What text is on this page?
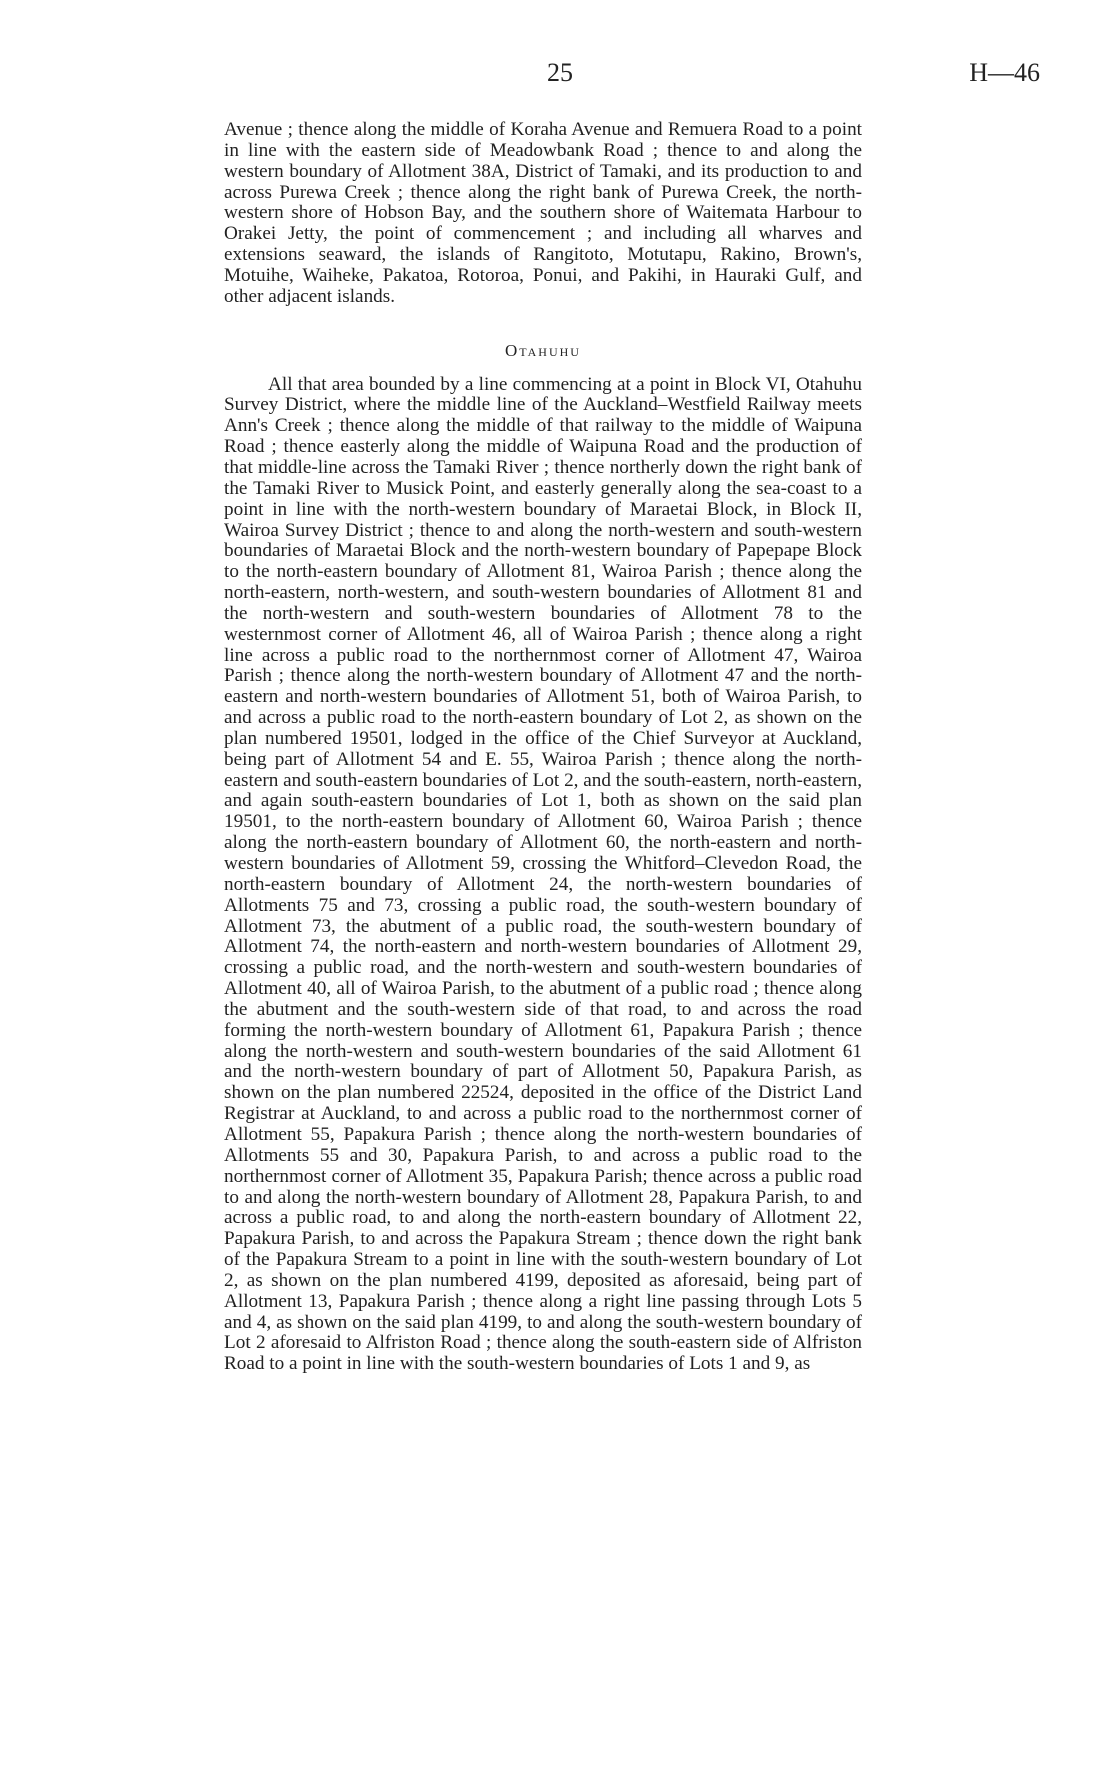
25	H—46

Avenue ; thence along the middle of Koraha Avenue and Remuera Road to a point in line with the eastern side of Meadowbank Road ; thence to and along the western boundary of Allotment 38A, District of Tamaki, and its production to and across Purewa Creek ; thence along the right bank of Purewa Creek, the north-western shore of Hobson Bay, and the southern shore of Waitemata Harbour to Orakei Jetty, the point of commencement ; and including all wharves and extensions seaward, the islands of Rangitoto, Motutapu, Rakino, Brown's, Motuihe, Waiheke, Pakatoa, Rotoroa, Ponui, and Pakihi, in Hauraki Gulf, and other adjacent islands.

Otahuhu

All that area bounded by a line commencing at a point in Block VI, Otahuhu Survey District, where the middle line of the Auckland–Westfield Railway meets Ann's Creek ; thence along the middle of that railway to the middle of Waipuna Road ; thence easterly along the middle of Waipuna Road and the production of that middle-line across the Tamaki River ; thence northerly down the right bank of the Tamaki River to Musick Point, and easterly generally along the sea-coast to a point in line with the north-western boundary of Maraetai Block, in Block II, Wairoa Survey District ; thence to and along the north-western and south-western boundaries of Maraetai Block and the north-western boundary of Papepape Block to the north-eastern boundary of Allotment 81, Wairoa Parish ; thence along the north-eastern, north-western, and south-western boundaries of Allotment 81 and the north-western and south-western boundaries of Allotment 78 to the westernmost corner of Allotment 46, all of Wairoa Parish ; thence along a right line across a public road to the northernmost corner of Allotment 47, Wairoa Parish ; thence along the north-western boundary of Allotment 47 and the north-eastern and north-western boundaries of Allotment 51, both of Wairoa Parish, to and across a public road to the north-eastern boundary of Lot 2, as shown on the plan numbered 19501, lodged in the office of the Chief Surveyor at Auckland, being part of Allotment 54 and E. 55, Wairoa Parish ; thence along the north-eastern and south-eastern boundaries of Lot 2, and the south-eastern, north-eastern, and again south-eastern boundaries of Lot 1, both as shown on the said plan 19501, to the north-eastern boundary of Allotment 60, Wairoa Parish ; thence along the north-eastern boundary of Allotment 60, the north-eastern and north-western boundaries of Allotment 59, crossing the Whitford–Clevedon Road, the north-eastern boundary of Allotment 24, the north-western boundaries of Allotments 75 and 73, crossing a public road, the south-western boundary of Allotment 73, the abutment of a public road, the south-western boundary of Allotment 74, the north-eastern and north-western boundaries of Allotment 29, crossing a public road, and the north-western and south-western boundaries of Allotment 40, all of Wairoa Parish, to the abutment of a public road ; thence along the abutment and the south-western side of that road, to and across the road forming the north-western boundary of Allotment 61, Papakura Parish ; thence along the north-western and south-western boundaries of the said Allotment 61 and the north-western boundary of part of Allotment 50, Papakura Parish, as shown on the plan numbered 22524, deposited in the office of the District Land Registrar at Auckland, to and across a public road to the northernmost corner of Allotment 55, Papakura Parish ; thence along the north-western boundaries of Allotments 55 and 30, Papakura Parish, to and across a public road to the northernmost corner of Allotment 35, Papakura Parish; thence across a public road to and along the north-western boundary of Allotment 28, Papakura Parish, to and across a public road, to and along the north-eastern boundary of Allotment 22, Papakura Parish, to and across the Papakura Stream ; thence down the right bank of the Papakura Stream to a point in line with the south-western boundary of Lot 2, as shown on the plan numbered 4199, deposited as aforesaid, being part of Allotment 13, Papakura Parish ; thence along a right line passing through Lots 5 and 4, as shown on the said plan 4199, to and along the south-western boundary of Lot 2 aforesaid to Alfriston Road ; thence along the south-eastern side of Alfriston Road to a point in line with the south-western boundaries of Lots 1 and 9, as
